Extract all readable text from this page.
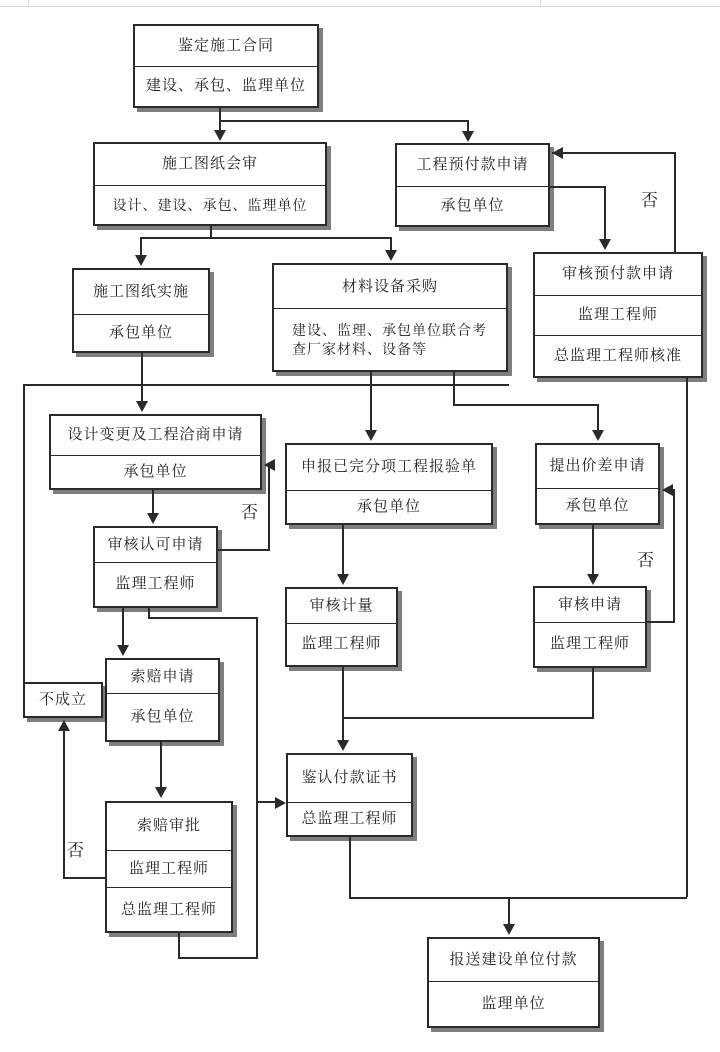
鉴定施工合同
建设、承包、监理单位
施工图纸会审
设计、建设、承包、监理单位
工程预付款申请
承包单位
审核预付款申请
监理工程师
总监理工程师核准
施工图纸实施
承包单位
材料设备采购
建设、监理、承包单位联合考查厂家材料、设备等
设计变更及工程洽商申请
承包单位	申报已完分项工程报验单
承包单位
提出价差申请
承包单位
审核认可申请
监理工程师
审核计量
监理工程师
审核申请
监理工程师
索赔申请
承包单位
不成立
鉴认付款证书
总监理工程师
索赔审批
监理工程师
总监理工程师
报送建设单位付款
监理单位
否
否
否
否
